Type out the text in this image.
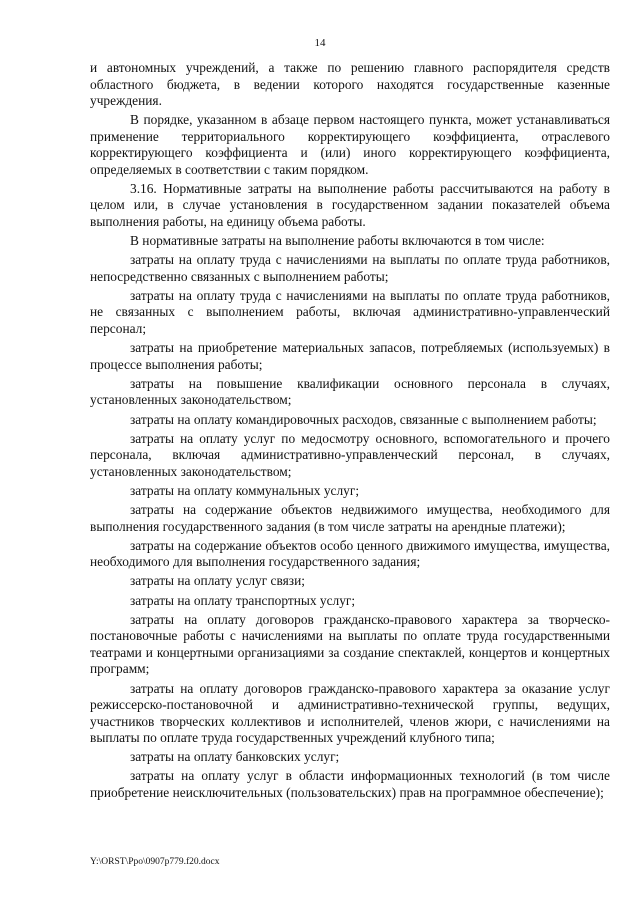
14

и автономных учреждений, а также по решению главного распорядителя средств областного бюджета, в ведении которого находятся государственные казенные учреждения.

В порядке, указанном в абзаце первом настоящего пункта, может устанавливаться применение территориального корректирующего коэффициента, отраслевого корректирующего коэффициента и (или) иного корректирующего коэффициента, определяемых в соответствии с таким порядком.

3.16. Нормативные затраты на выполнение работы рассчитываются на работу в целом или, в случае установления в государственном задании показателей объема выполнения работы, на единицу объема работы.

В нормативные затраты на выполнение работы включаются в том числе:

затраты на оплату труда с начислениями на выплаты по оплате труда работников, непосредственно связанных с выполнением работы;

затраты на оплату труда с начислениями на выплаты по оплате труда работников, не связанных с выполнением работы, включая административно-управленческий персонал;

затраты на приобретение материальных запасов, потребляемых (используемых) в процессе выполнения работы;

затраты на повышение квалификации основного персонала в случаях, установленных законодательством;

затраты на оплату командировочных расходов, связанные с выполнением работы;

затраты на оплату услуг по медосмотру основного, вспомогательного и прочего персонала, включая административно-управленческий персонал, в случаях, установленных законодательством;

затраты на оплату коммунальных услуг;

затраты на содержание объектов недвижимого имущества, необходимого для выполнения государственного задания (в том числе затраты на арендные платежи);

затраты на содержание объектов особо ценного движимого имущества, имущества, необходимого для выполнения государственного задания;

затраты на оплату услуг связи;

затраты на оплату транспортных услуг;

затраты на оплату договоров гражданско-правового характера за творческо-постановочные работы с начислениями на выплаты по оплате труда государственными театрами и концертными организациями за создание спектаклей, концертов и концертных программ;

затраты на оплату договоров гражданско-правового характера за оказание услуг режиссерско-постановочной и административно-технической группы, ведущих, участников творческих коллективов и исполнителей, членов жюри, с начислениями на выплаты по оплате труда государственных учреждений клубного типа;

затраты на оплату банковских услуг;

затраты на оплату услуг в области информационных технологий (в том числе приобретение неисключительных (пользовательских) прав на программное обеспечение);

Y:\ORST\Ppo\0907p779.f20.docx
